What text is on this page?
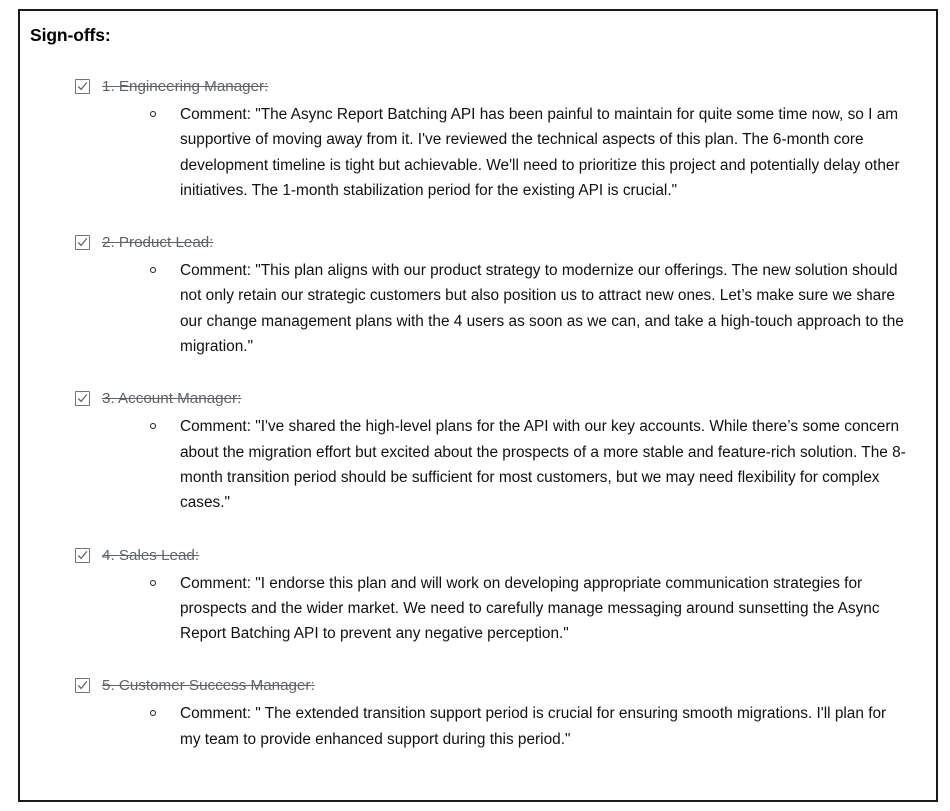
Sign-offs:
1. Engineering Manager:
Comment: "The Async Report Batching API has been painful to maintain for quite some time now, so I am supportive of moving away from it. I've reviewed the technical aspects of this plan. The 6-month core development timeline is tight but achievable. We'll need to prioritize this project and potentially delay other initiatives. The 1-month stabilization period for the existing API is crucial."
2. Product Lead:
Comment: "This plan aligns with our product strategy to modernize our offerings. The new solution should not only retain our strategic customers but also position us to attract new ones. Let’s make sure we share our change management plans with the 4 users as soon as we can, and take a high-touch approach to the migration."
3. Account Manager:
Comment: "I've shared the high-level plans for the API with our key accounts. While there’s some concern about the migration effort but excited about the prospects of a more stable and feature-rich solution. The 8-month transition period should be sufficient for most customers, but we may need flexibility for complex cases."
4. Sales Lead:
Comment: "I endorse this plan and will work on developing appropriate communication strategies for prospects and the wider market. We need to carefully manage messaging around sunsetting the Async Report Batching API to prevent any negative perception."
5. Customer Success Manager:
Comment: " The extended transition support period is crucial for ensuring smooth migrations. I'll plan for my team to provide enhanced support during this period."
